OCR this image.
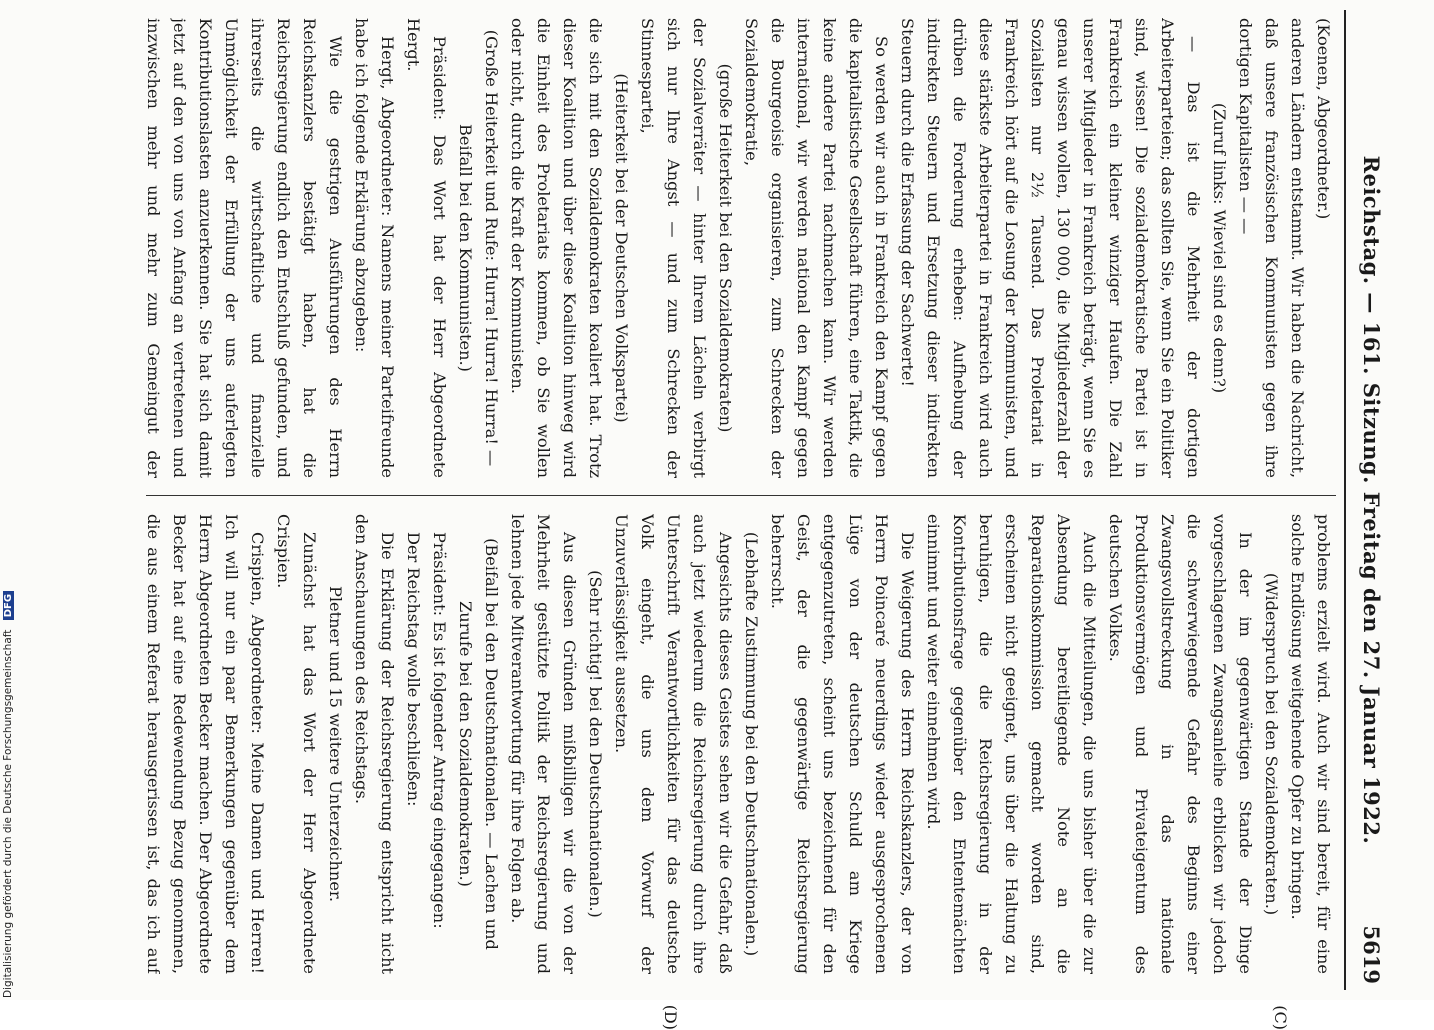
Reichstag. — 161. Sitzung. Freitag den 27. Januar 1922.
5619

(Koenen, Abgeordneter.)

anderen Ländern entstammt. Wir haben die Nachricht, daß unsere französischen Kommunisten gegen ihre dortigen Kapitalisten — —

(Zuruf links: Wieviel sind es denn?)

— Das ist die Mehrheit der dortigen Arbeiterparteien; das sollten Sie, wenn Sie ein Politiker sind, wissen! Die sozialdemokratische Partei ist in Frankreich ein kleiner winziger Haufen. Die Zahl unserer Mitglieder in Frankreich beträgt, wenn Sie es genau wissen wollen, 130 000, die Mitgliederzahl der Sozialisten nur 2½ Tausend. Das Proletariat in Frankreich hört auf die Losung der Kommunisten, und diese stärkste Arbeiterpartei in Frankreich wird auch drüben die Forderung erheben: Aufhebung der indirekten Steuern und Ersetzung dieser indirekten Steuern durch die Erfassung der Sachwerte!

So werden wir auch in Frankreich den Kampf gegen die kapitalistische Gesellschaft führen, eine Taktik, die keine andere Partei nachmachen kann. Wir werden international, wir werden national den Kampf gegen die Bourgeoisie organisieren, zum Schrecken der Sozialdemokratie,

(große Heiterkeit bei den Sozialdemokraten)

der Sozialverräter — hinter Ihrem Lächeln verbirgt sich nur Ihre Angst — und zum Schrecken der Stinnespartei,

(Heiterkeit bei der Deutschen Volkspartei)

die sich mit den Sozialdemokraten koaliert hat. Trotz dieser Koalition und über diese Koalition hinweg wird die Einheit des Proletariats kommen, ob Sie wollen oder nicht, durch die Kraft der Kommunisten.

(Große Heiterkeit und Rufe: Hurra! Hurra! Hurra! — Beifall bei den Kommunisten.)

Präsident: Das Wort hat der Herr Abgeordnete Hergt.

Hergt, Abgeordneter: Namens meiner Parteifreunde habe ich folgende Erklärung abzugeben:

Wie die gestrigen Ausführungen des Herrn Reichskanzlers bestätigt haben, hat die Reichsregierung endlich den Entschluß gefunden, und ihrerseits die wirtschaftliche und finanzielle Unmöglichkeit der Erfüllung der uns auferlegten Kontributionslasten anzuerkennen. Sie hat sich damit jetzt auf den von uns von Anfang an vertretenen und inzwischen mehr und mehr zum Gemeingut der

problems erzielt wird. Auch wir sind bereit, für eine solche Endlösung weitgehende Opfer zu bringen.

(Widerspruch bei den Sozialdemokraten.)

In der im gegenwärtigen Stande der Dinge vorgeschlagenen Zwangsanleihe erblicken wir jedoch die schwerwiegende Gefahr des Beginns einer Zwangsvollstreckung in das nationale Produktionsvermögen und Privateigentum des deutschen Volkes.

Auch die Mitteilungen, die uns bisher über die zur Absendung bereitliegende Note an die Reparationskommission gemacht worden sind, erscheinen nicht geeignet, uns über die Haltung zu beruhigen, die die Reichsregierung in der Kontributionsfrage gegenüber den Ententemächten einnimmt und weiter einnehmen wird.

Die Weigerung des Herrn Reichskanzlers, der von Herrn Poincaré neuerdings wieder ausgesprochenen Lüge von der deutschen Schuld am Kriege entgegenzutreten, scheint uns bezeichnend für den Geist, der die gegenwärtige Reichsregierung beherrscht.

(Lebhafte Zustimmung bei den Deutschnationalen.)

Angesichts dieses Geistes sehen wir die Gefahr, daß auch jetzt wiederum die Reichsregierung durch ihre Unterschrift Verantwortlichkeiten für das deutsche Volk eingeht, die uns dem Vorwurf der Unzuverlässigkeit aussetzen.

(Sehr richtig! bei den Deutschnationalen.)

Aus diesen Gründen mißbilligen wir die von der Mehrheit gestützte Politik der Reichsregierung und lehnen jede Mitverantwortung für ihre Folgen ab.

(Beifall bei den Deutschnationalen. — Lachen und Zurufe bei den Sozialdemokraten.)

Präsident: Es ist folgender Antrag eingegangen:

Der Reichstag wolle beschließen:

Die Erklärung der Reichsregierung entspricht nicht den Anschauungen des Reichstags.

Pletner und 15 weitere Unterzeichner.

Zunächst hat das Wort der Herr Abgeordnete Crispien.

Crispien, Abgeordneter: Meine Damen und Herren! Ich will nur ein paar Bemerkungen gegenüber dem Herrn Abgeordneten Becker machen. Der Abgeordnete Becker hat auf eine Redewendung Bezug genommen, die aus einem Referat herausgerissen ist, das ich auf

(C)
(D)
Digitalisierung gefördert durch die Deutsche Forschungsgemeinschaft DFG
